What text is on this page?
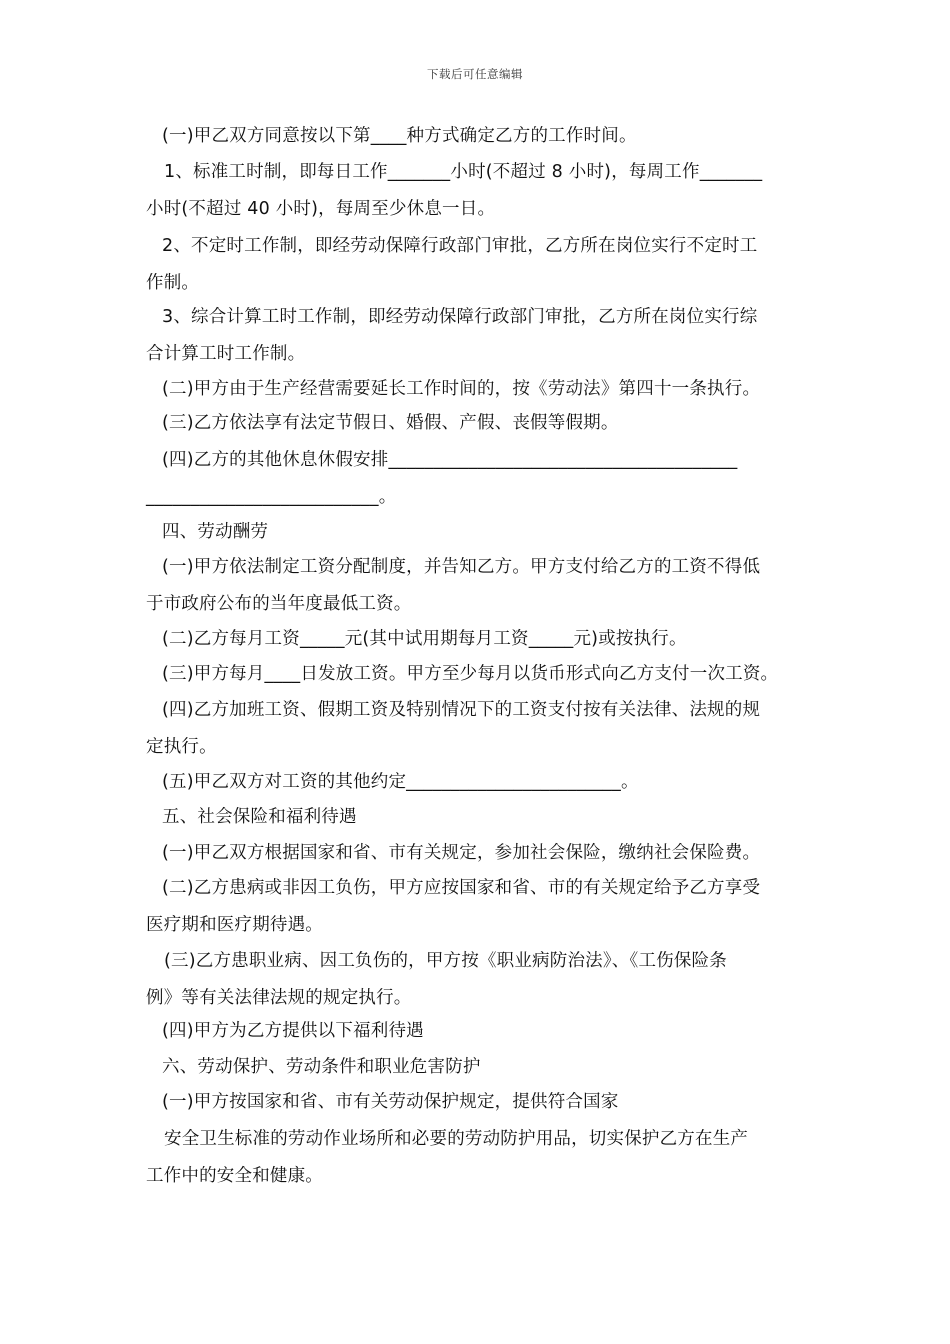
下载后可任意编辑
(一)甲乙双方同意按以下第____种方式确定乙方的工作时间。
1、标准工时制，即每日工作_______小时(不超过 8 小时)，每周工作_______
小时(不超过 40 小时)，每周至少休息一日。
2、不定时工作制，即经劳动保障行政部门审批，乙方所在岗位实行不定时工
作制。
3、综合计算工时工作制，即经劳动保障行政部门审批，乙方所在岗位实行综
合计算工时工作制。
(二)甲方由于生产经营需要延长工作时间的，按《劳动法》第四十一条执行。
(三)乙方依法享有法定节假日、婚假、产假、丧假等假期。
(四)乙方的其他休息休假安排_______________________________________
__________________________。
四、劳动酬劳
(一)甲方依法制定工资分配制度，并告知乙方。甲方支付给乙方的工资不得低
于市政府公布的当年度最低工资。
(二)乙方每月工资_____元(其中试用期每月工资_____元)或按执行。
(三)甲方每月____日发放工资。甲方至少每月以货币形式向乙方支付一次工资。
(四)乙方加班工资、假期工资及特别情况下的工资支付按有关法律、法规的规
定执行。
(五)甲乙双方对工资的其他约定________________________。
五、社会保险和福利待遇
(一)甲乙双方根据国家和省、市有关规定，参加社会保险，缴纳社会保险费。
(二)乙方患病或非因工负伤，甲方应按国家和省、市的有关规定给予乙方享受
医疗期和医疗期待遇。
(三)乙方患职业病、因工负伤的，甲方按《职业病防治法》、《工伤保险条
例》等有关法律法规的规定执行。
(四)甲方为乙方提供以下福利待遇
六、劳动保护、劳动条件和职业危害防护
(一)甲方按国家和省、市有关劳动保护规定，提供符合国家
安全卫生标准的劳动作业场所和必要的劳动防护用品，切实保护乙方在生产
工作中的安全和健康。
